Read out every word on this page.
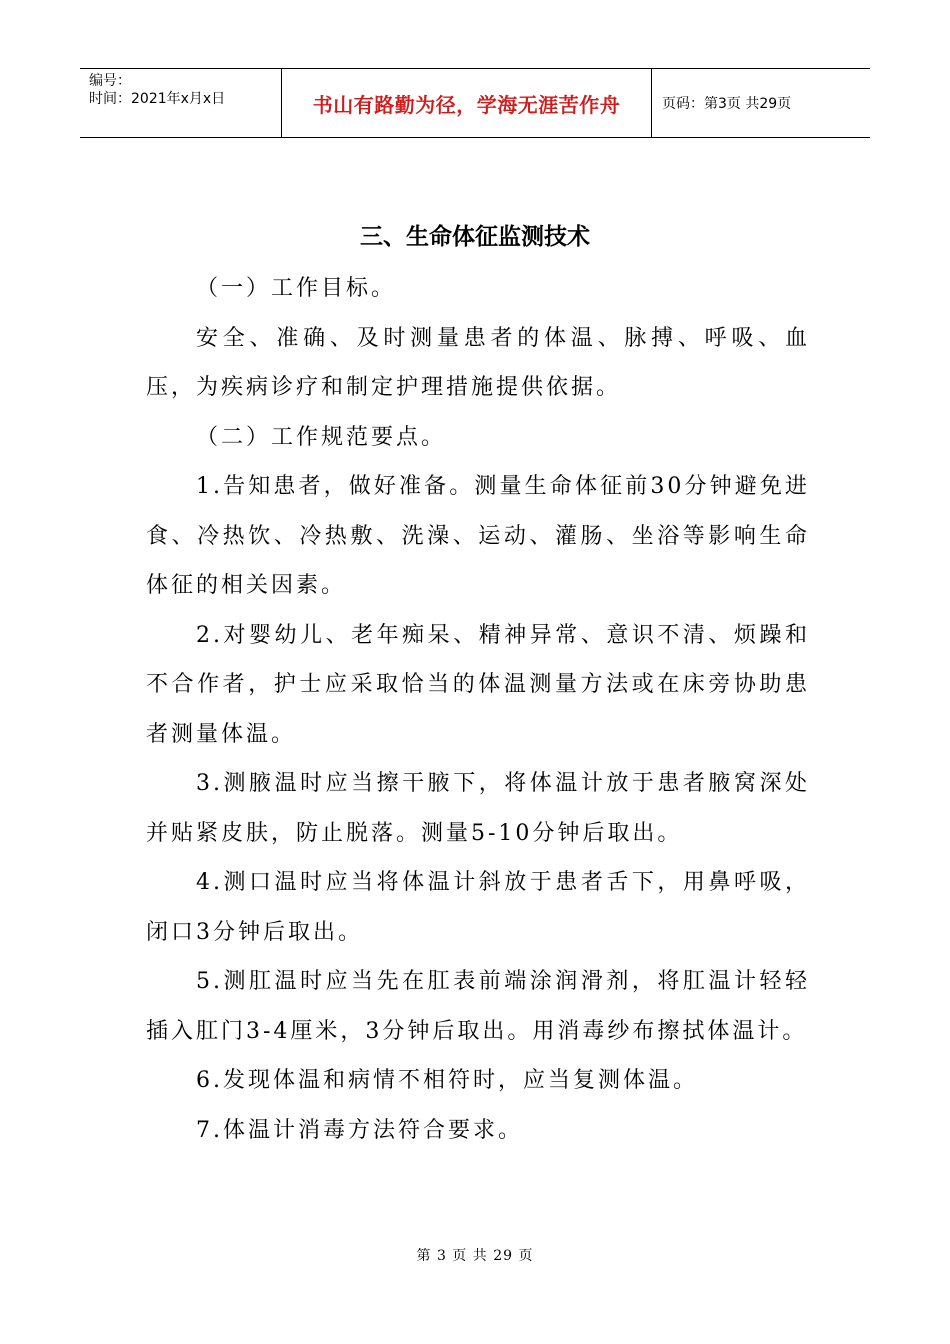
编号：
时间：2021年x月x日	书山有路勤为径，学海无涯苦作舟	页码：第3页 共29页
三、生命体征监测技术

（一）工作目标。

安全、准确、及时测量患者的体温、脉搏、呼吸、血压，为疾病诊疗和制定护理措施提供依据。

（二）工作规范要点。

1.告知患者，做好准备。测量生命体征前30分钟避免进食、冷热饮、冷热敷、洗澡、运动、灌肠、坐浴等影响生命体征的相关因素。

2.对婴幼儿、老年痴呆、精神异常、意识不清、烦躁和不合作者，护士应采取恰当的体温测量方法或在床旁协助患者测量体温。

3.测腋温时应当擦干腋下，将体温计放于患者腋窝深处并贴紧皮肤，防止脱落。测量5-10分钟后取出。

4.测口温时应当将体温计斜放于患者舌下，用鼻呼吸，闭口3分钟后取出。

5.测肛温时应当先在肛表前端涂润滑剂，将肛温计轻轻插入肛门3-4厘米，3分钟后取出。用消毒纱布擦拭体温计。

6.发现体温和病情不相符时，应当复测体温。

7.体温计消毒方法符合要求。

第 3 页 共 29 页
